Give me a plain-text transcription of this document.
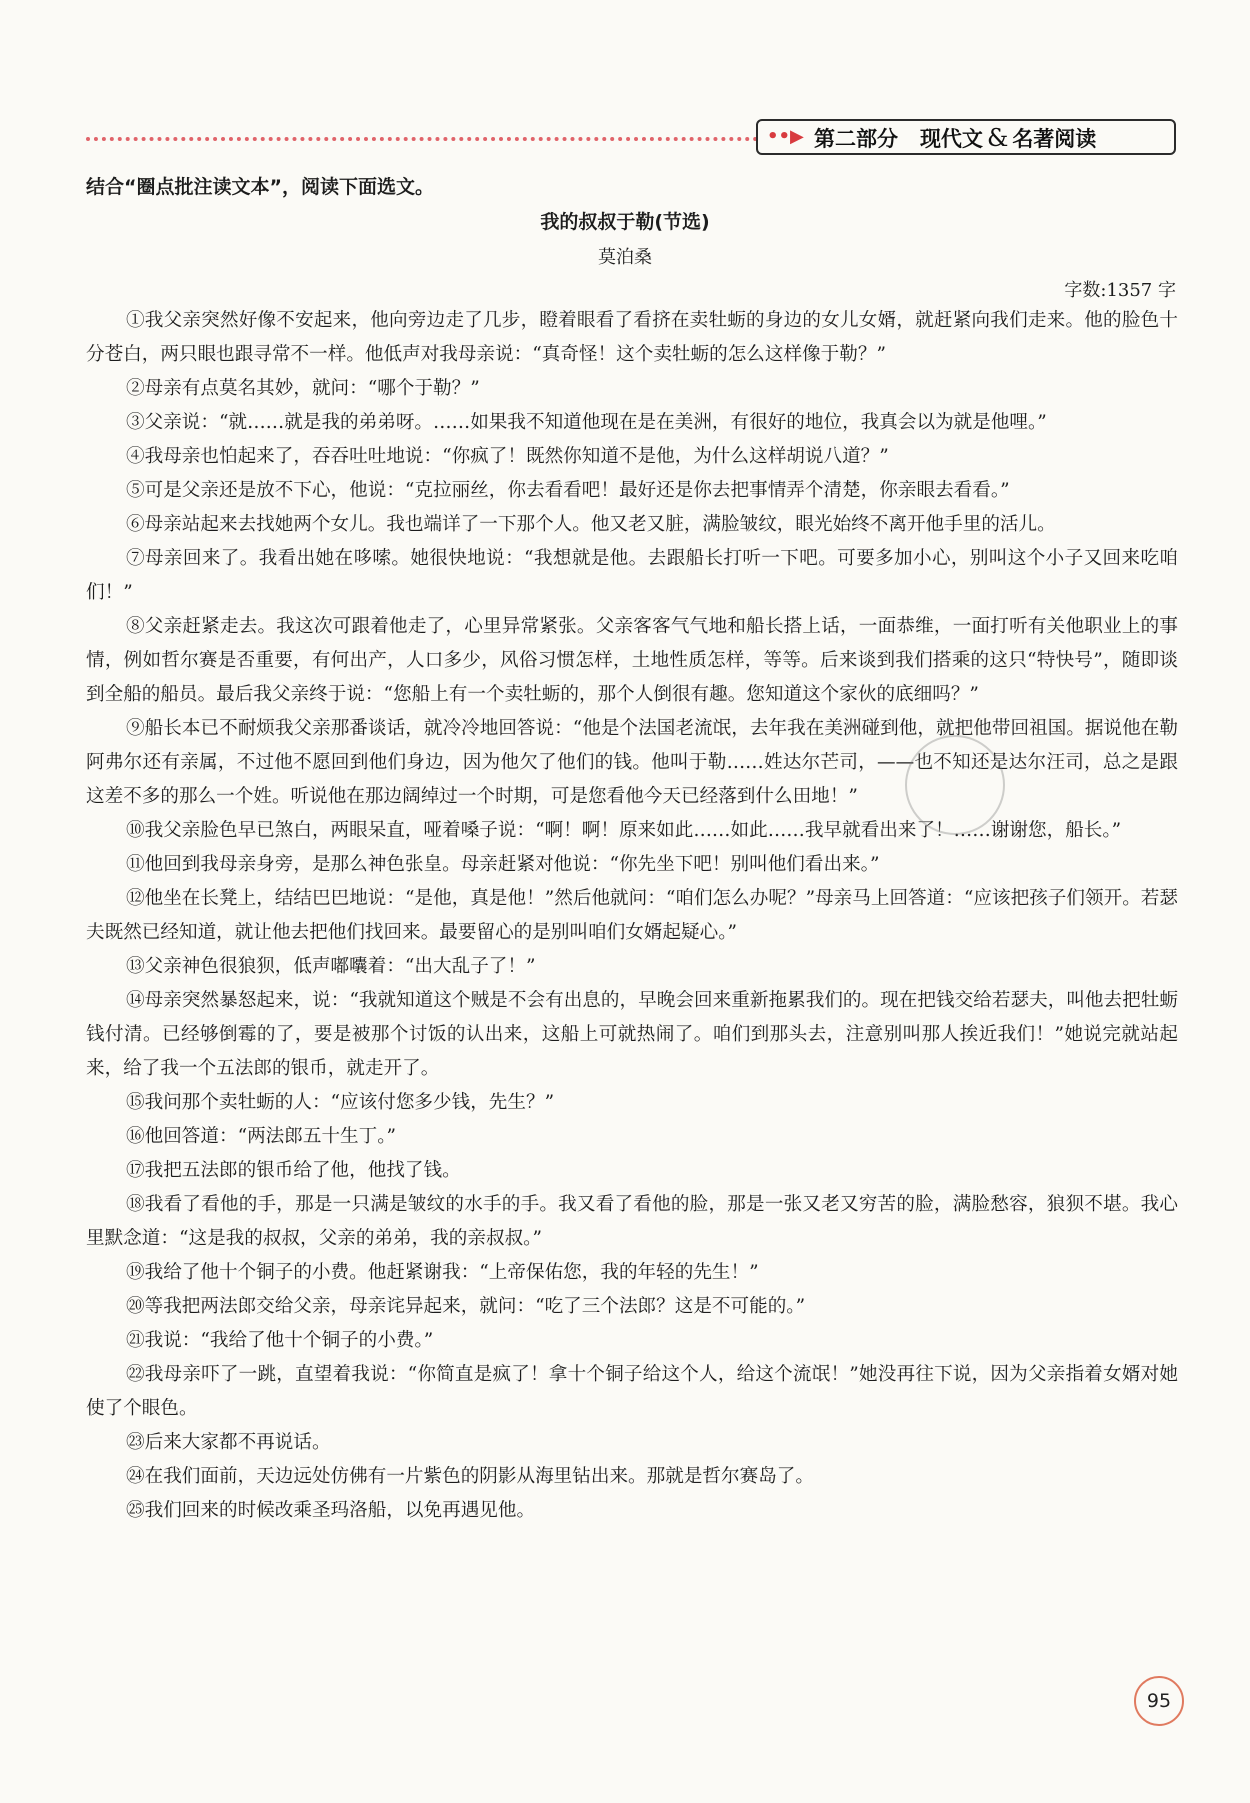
••▶ 第二部分 现代文 & 名著阅读
结合“圈点批注读文本”，阅读下面选文。
我的叔叔于勒(节选)
莫泊桑
字数:1357 字

①我父亲突然好像不安起来，他向旁边走了几步，瞪着眼看了看挤在卖牡蛎的身边的女儿女婿，就赶紧向我们走来。他的脸色十分苍白，两只眼也跟寻常不一样。他低声对我母亲说：“真奇怪！这个卖牡蛎的怎么这样像于勒？”

②母亲有点莫名其妙，就问：“哪个于勒？”

③父亲说：“就……就是我的弟弟呀。……如果我不知道他现在是在美洲，有很好的地位，我真会以为就是他哩。”

④我母亲也怕起来了，吞吞吐吐地说：“你疯了！既然你知道不是他，为什么这样胡说八道？”

⑤可是父亲还是放不下心，他说：“克拉丽丝，你去看看吧！最好还是你去把事情弄个清楚，你亲眼去看看。”

⑥母亲站起来去找她两个女儿。我也端详了一下那个人。他又老又脏，满脸皱纹，眼光始终不离开他手里的活儿。

⑦母亲回来了。我看出她在哆嗦。她很快地说：“我想就是他。去跟船长打听一下吧。可要多加小心，别叫这个小子又回来吃咱们！”

⑧父亲赶紧走去。我这次可跟着他走了，心里异常紧张。父亲客客气气地和船长搭上话，一面恭维，一面打听有关他职业上的事情，例如哲尔赛是否重要，有何出产，人口多少，风俗习惯怎样，土地性质怎样，等等。后来谈到我们搭乘的这只“特快号”，随即谈到全船的船员。最后我父亲终于说：“您船上有一个卖牡蛎的，那个人倒很有趣。您知道这个家伙的底细吗？”

⑨船长本已不耐烦我父亲那番谈话，就冷冷地回答说：“他是个法国老流氓，去年我在美洲碰到他，就把他带回祖国。据说他在勒阿弗尔还有亲属，不过他不愿回到他们身边，因为他欠了他们的钱。他叫于勒……姓达尔芒司，——也不知还是达尔汪司，总之是跟这差不多的那么一个姓。听说他在那边阔绰过一个时期，可是您看他今天已经落到什么田地！”

⑩我父亲脸色早已煞白，两眼呆直，哑着嗓子说：“啊！啊！原来如此……如此……我早就看出来了！……谢谢您，船长。”

⑪他回到我母亲身旁，是那么神色张皇。母亲赶紧对他说：“你先坐下吧！别叫他们看出来。”

⑫他坐在长凳上，结结巴巴地说：“是他，真是他！”然后他就问：“咱们怎么办呢？”母亲马上回答道：“应该把孩子们领开。若瑟夫既然已经知道，就让他去把他们找回来。最要留心的是别叫咱们女婿起疑心。”

⑬父亲神色很狼狈，低声嘟囔着：“出大乱子了！”

⑭母亲突然暴怒起来，说：“我就知道这个贼是不会有出息的，早晚会回来重新拖累我们的。现在把钱交给若瑟夫，叫他去把牡蛎钱付清。已经够倒霉的了，要是被那个讨饭的认出来，这船上可就热闹了。咱们到那头去，注意别叫那人挨近我们！”她说完就站起来，给了我一个五法郎的银币，就走开了。

⑮我问那个卖牡蛎的人：“应该付您多少钱，先生？”

⑯他回答道：“两法郎五十生丁。”

⑰我把五法郎的银币给了他，他找了钱。

⑱我看了看他的手，那是一只满是皱纹的水手的手。我又看了看他的脸，那是一张又老又穷苦的脸，满脸愁容，狼狈不堪。我心里默念道：“这是我的叔叔，父亲的弟弟，我的亲叔叔。”

⑲我给了他十个铜子的小费。他赶紧谢我：“上帝保佑您，我的年轻的先生！”

⑳等我把两法郎交给父亲，母亲诧异起来，就问：“吃了三个法郎？这是不可能的。”

㉑我说：“我给了他十个铜子的小费。”

㉒我母亲吓了一跳，直望着我说：“你简直是疯了！拿十个铜子给这个人，给这个流氓！”她没再往下说，因为父亲指着女婿对她使了个眼色。

㉓后来大家都不再说话。

㉔在我们面前，天边远处仿佛有一片紫色的阴影从海里钻出来。那就是哲尔赛岛了。

㉕我们回来的时候改乘圣玛洛船，以免再遇见他。

95
